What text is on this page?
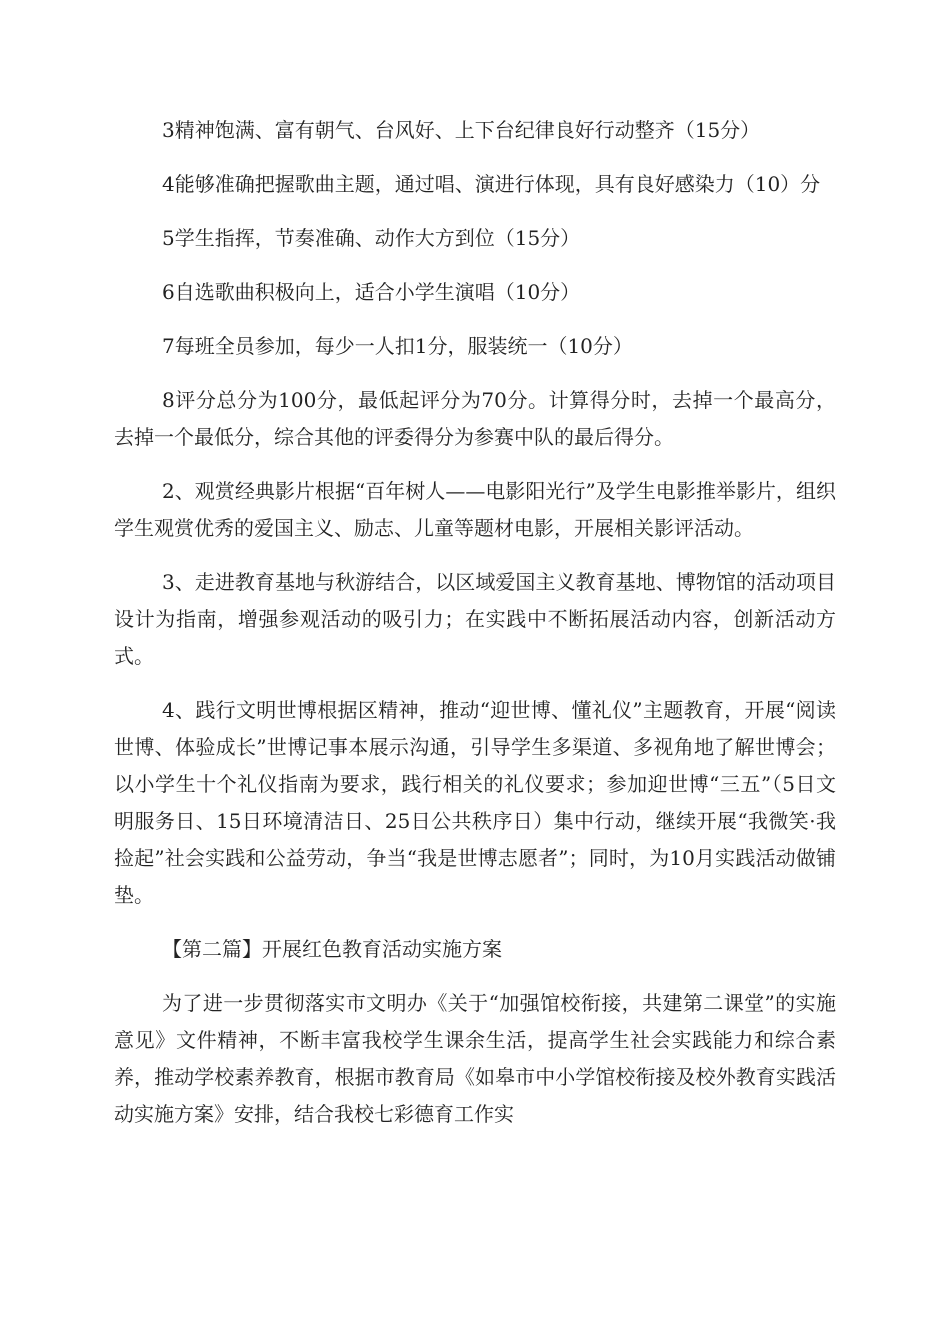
3精神饱满、富有朝气、台风好、上下台纪律良好行动整齐（15分）

4能够准确把握歌曲主题，通过唱、演进行体现，具有良好感染力（10）分

5学生指挥，节奏准确、动作大方到位（15分）

6自选歌曲积极向上，适合小学生演唱（10分）

7每班全员参加，每少一人扣1分，服装统一（10分）

8评分总分为100分，最低起评分为70分。计算得分时，去掉一个最高分，去掉一个最低分，综合其他的评委得分为参赛中队的最后得分。

2、观赏经典影片根据“百年树人——电影阳光行”及学生电影推举影片，组织学生观赏优秀的爱国主义、励志、儿童等题材电影，开展相关影评活动。

3、走进教育基地与秋游结合，以区域爱国主义教育基地、博物馆的活动项目设计为指南，增强参观活动的吸引力；在实践中不断拓展活动内容，创新活动方式。

4、践行文明世博根据区精神，推动“迎世博、懂礼仪”主题教育，开展“阅读世博、体验成长”世博记事本展示沟通，引导学生多渠道、多视角地了解世博会；以小学生十个礼仪指南为要求，践行相关的礼仪要求；参加迎世博“三五”（5日文明服务日、15日环境清洁日、25日公共秩序日）集中行动，继续开展“我微笑·我捡起”社会实践和公益劳动，争当“我是世博志愿者”；同时，为10月实践活动做铺垫。

【第二篇】开展红色教育活动实施方案

为了进一步贯彻落实市文明办《关于“加强馆校衔接，共建第二课堂”的实施意见》文件精神，不断丰富我校学生课余生活，提高学生社会实践能力和综合素养，推动学校素养教育，根据市教育局《如皋市中小学馆校衔接及校外教育实践活动实施方案》安排，结合我校七彩德育工作实
